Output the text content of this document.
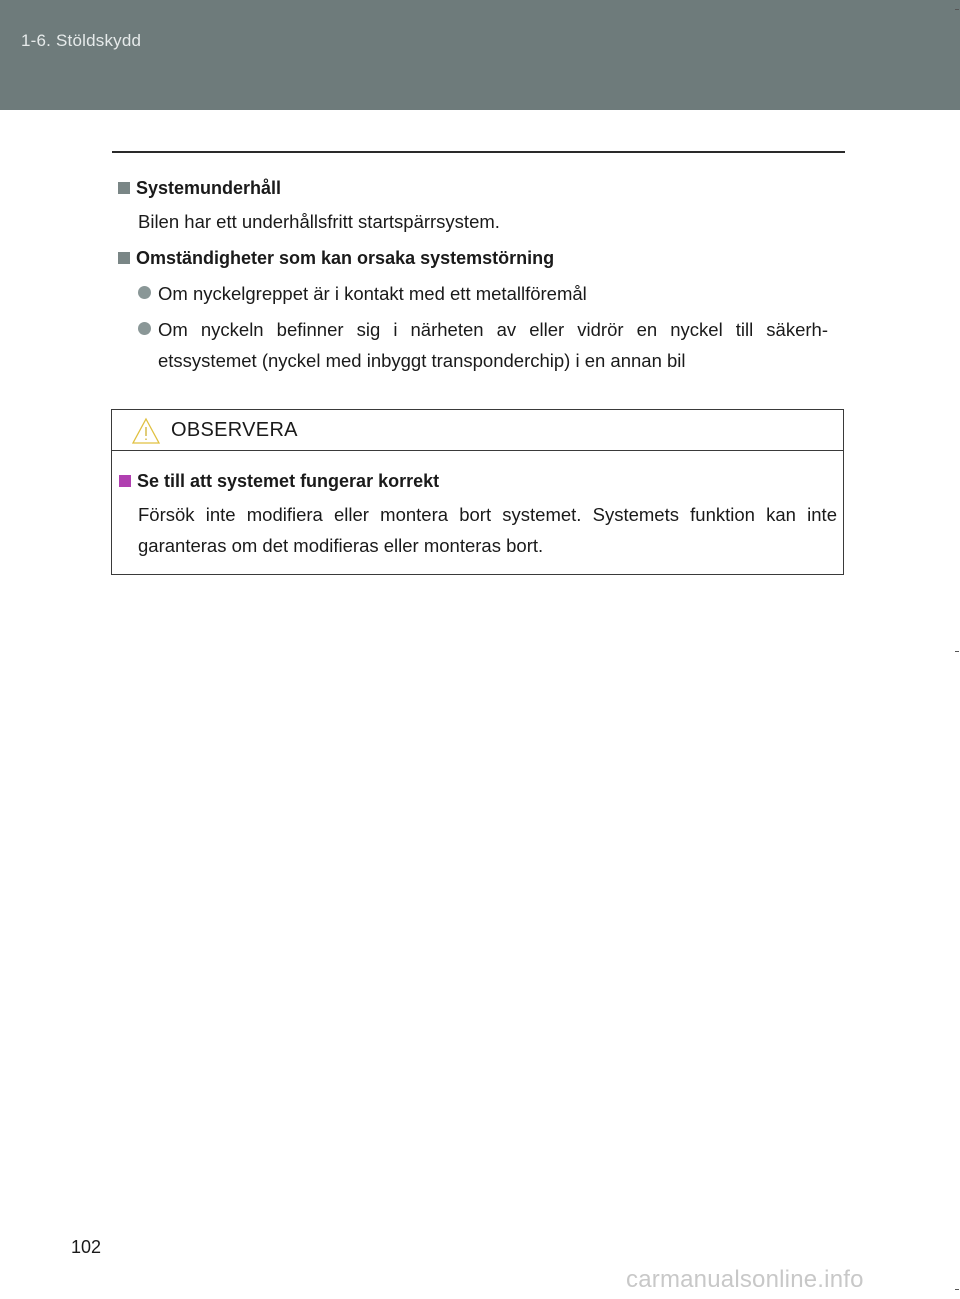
1-6. Stöldskydd
Systemunderhåll
Bilen har ett underhållsfritt startspärrsystem.
Omständigheter som kan orsaka systemstörning
Om nyckelgreppet är i kontakt med ett metallföremål
Om nyckeln befinner sig i närheten av eller vidrör en nyckel till säkerh-etssystemet (nyckel med inbyggt transponderchip) i en annan bil
OBSERVERA
Se till att systemet fungerar korrekt
Försök inte modifiera eller montera bort systemet. Systemets funktion kan inte garanteras om det modifieras eller monteras bort.
102
carmanualsonline.info
